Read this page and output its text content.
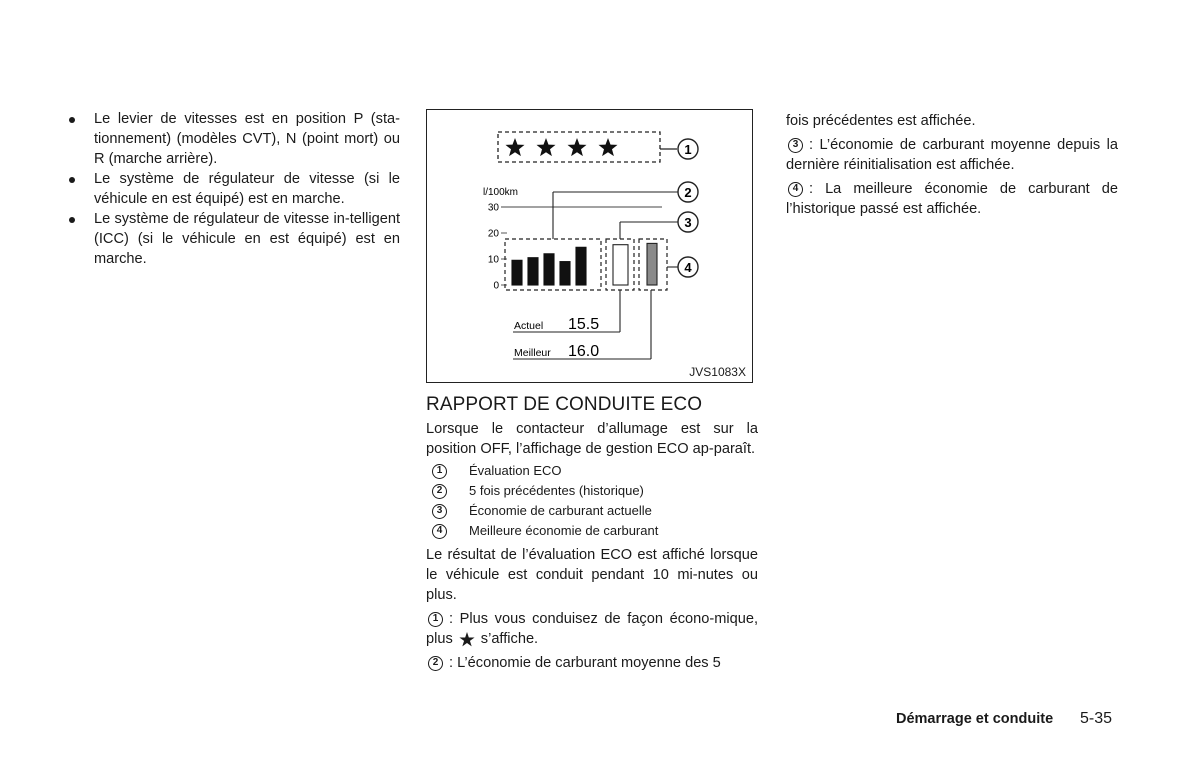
Le levier de vitesses est en position P (sta-tionnement) (modèles CVT), N (point mort) ou R (marche arrière).
Le système de régulateur de vitesse (si le véhicule en est équipé) est en marche.
Le système de régulateur de vitesse in-telligent (ICC) (si le véhicule en est équipé) est en marche.
1
2
3
4
l/100km
30
20
10
0
Actuel 15.5
Meilleur 16.0
JVS1083X
RAPPORT DE CONDUITE ECO

Lorsque le contacteur d’allumage est sur la position OFF, l’affichage de gestion ECO ap-paraît.

1	Évaluation ECO
2	5 fois précédentes (historique)
3	Économie de carburant actuelle
4	Meilleure économie de carburant

Le résultat de l’évaluation ECO est affiché lorsque le véhicule est conduit pendant 10 mi-nutes ou plus.

1 : Plus vous conduisez de façon écono-mique, plus s’affiche.

2 : L’économie de carburant moyenne des 5

fois précédentes est affichée.

3 : L’économie de carburant moyenne depuis la dernière réinitialisation est affichée.

4 : La meilleure économie de carburant de l’historique passé est affichée.

Démarrage et conduite 5-35
